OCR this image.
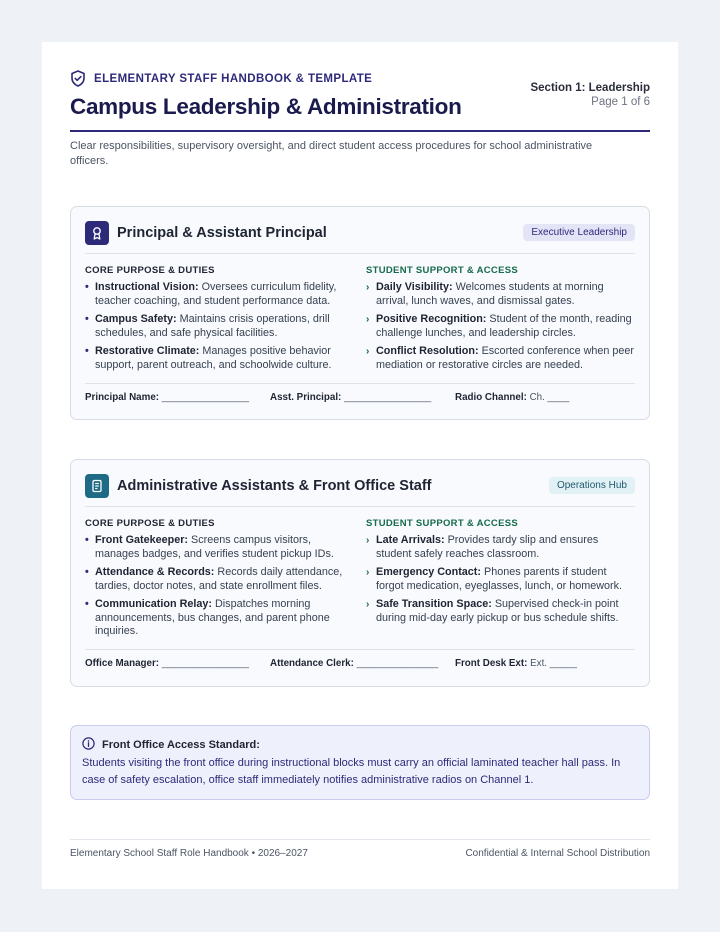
ELEMENTARY STAFF HANDBOOK & TEMPLATE
Campus Leadership & Administration
Section 1: Leadership
Page 1 of 6
Clear responsibilities, supervisory oversight, and direct student access procedures for school administrative officers.
Principal & Assistant Principal	Executive Leadership
CORE PURPOSE & DUTIES
• Instructional Vision: Oversees curriculum fidelity, teacher coaching, and student performance data.
• Campus Safety: Maintains crisis operations, drill schedules, and safe physical facilities.
• Restorative Climate: Manages positive behavior support, parent outreach, and schoolwide culture.
STUDENT SUPPORT & ACCESS
› Daily Visibility: Welcomes students at morning arrival, lunch waves, and dismissal gates.
› Positive Recognition: Student of the month, reading challenge lunches, and leadership circles.
› Conflict Resolution: Escorted conference when peer mediation or restorative circles are needed.
Principal Name: ________________ Asst. Principal: ________________ Radio Channel: Ch. ____
Administrative Assistants & Front Office Staff	Operations Hub
CORE PURPOSE & DUTIES
• Front Gatekeeper: Screens campus visitors, manages badges, and verifies student pickup IDs.
• Attendance & Records: Records daily attendance, tardies, doctor notes, and state enrollment files.
• Communication Relay: Dispatches morning announcements, bus changes, and parent phone inquiries.
STUDENT SUPPORT & ACCESS
› Late Arrivals: Provides tardy slip and ensures student safely reaches classroom.
› Emergency Contact: Phones parents if student forgot medication, eyeglasses, lunch, or homework.
› Safe Transition Space: Supervised check-in point during mid-day early pickup or bus schedule shifts.
Office Manager: ________________ Attendance Clerk: _______________ Front Desk Ext: Ext. _____
Front Office Access Standard:
Students visiting the front office during instructional blocks must carry an official laminated teacher hall pass. In case of safety escalation, office staff immediately notifies administrative radios on Channel 1.
Elementary School Staff Role Handbook • 2026–2027	Confidential & Internal School Distribution
